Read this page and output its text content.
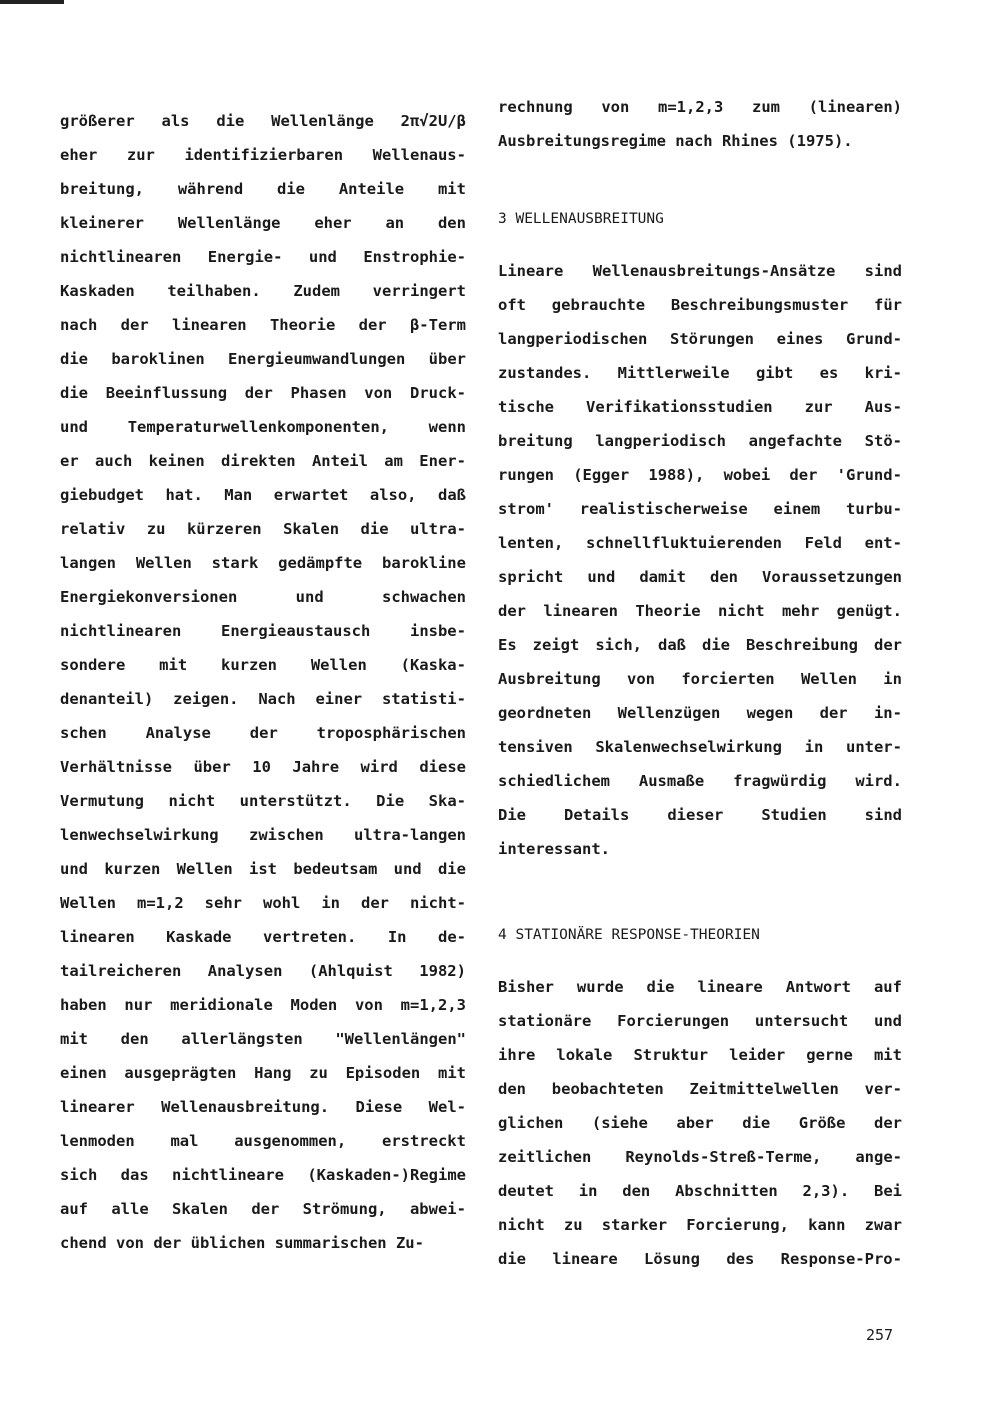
größerer als die Wellenlänge 2π√2U/β
eher zur identifizierbaren Wellenaus-
breitung, während die Anteile mit
kleinerer Wellenlänge eher an den
nichtlinearen Energie- und Enstrophie-
Kaskaden teilhaben. Zudem verringert
nach der linearen Theorie der β-Term
die baroklinen Energieumwandlungen über
die Beeinflussung der Phasen von Druck-
und	Temperaturwellenkomponenten,	wenn
er auch keinen direkten Anteil am Ener-
giebudget hat. Man erwartet also, daß
relativ zu kürzeren Skalen die ultra-
langen Wellen stark gedämpfte barokline
Energiekonversionen	und	schwachen
nichtlinearen	Energieaustausch	insbe-
sondere mit kurzen Wellen (Kaska-
denanteil) zeigen. Nach einer statisti-
schen	Analyse	der	troposphärischen
Verhältnisse über 10 Jahre wird diese
Vermutung nicht unterstützt. Die Ska-
lenwechselwirkung zwischen ultra-langen
und kurzen Wellen ist bedeutsam und die
Wellen m=1,2 sehr wohl in der nicht-
linearen Kaskade vertreten. In de-
tailreicheren Analysen (Ahlquist 1982)
haben nur meridionale Moden von m=1,2,3
mit den allerlängsten "Wellenlängen"
einen ausgeprägten Hang zu Episoden mit
linearer Wellenausbreitung. Diese Wel-
lenmoden mal ausgenommen, erstreckt
sich das nichtlineare (Kaskaden-)Regime
auf alle Skalen der Strömung, abwei-
chend von der üblichen summarischen Zu-
rechnung von m=1,2,3 zum (linearen)
Ausbreitungsregime nach Rhines (1975).
3 WELLENAUSBREITUNG
Lineare Wellenausbreitungs-Ansätze sind
oft gebrauchte Beschreibungsmuster für
langperiodischen Störungen eines Grund-
zustandes. Mittlerweile gibt es kri-
tische Verifikationsstudien zur Aus-
breitung langperiodisch angefachte Stö-
rungen (Egger 1988), wobei der 'Grund-
strom' realistischerweise einem turbu-
lenten, schnellfluktuierenden Feld ent-
spricht und damit den Voraussetzungen
der linearen Theorie nicht mehr genügt.
Es zeigt sich, daß die Beschreibung der
Ausbreitung von forcierten Wellen in
geordneten Wellenzügen wegen der in-
tensiven Skalenwechselwirkung in unter-
schiedlichem Ausmaße fragwürdig wird.
Die Details dieser Studien sind
interessant.
4 STATIONÄRE RESPONSE-THEORIEN
Bisher wurde die lineare Antwort auf
stationäre Forcierungen untersucht und
ihre lokale Struktur leider gerne mit
den beobachteten Zeitmittelwellen ver-
glichen (siehe aber die Größe der
zeitlichen Reynolds-Streß-Terme, ange-
deutet in den Abschnitten 2,3). Bei
nicht zu starker Forcierung, kann zwar
die lineare Lösung des Response-Pro-
257
